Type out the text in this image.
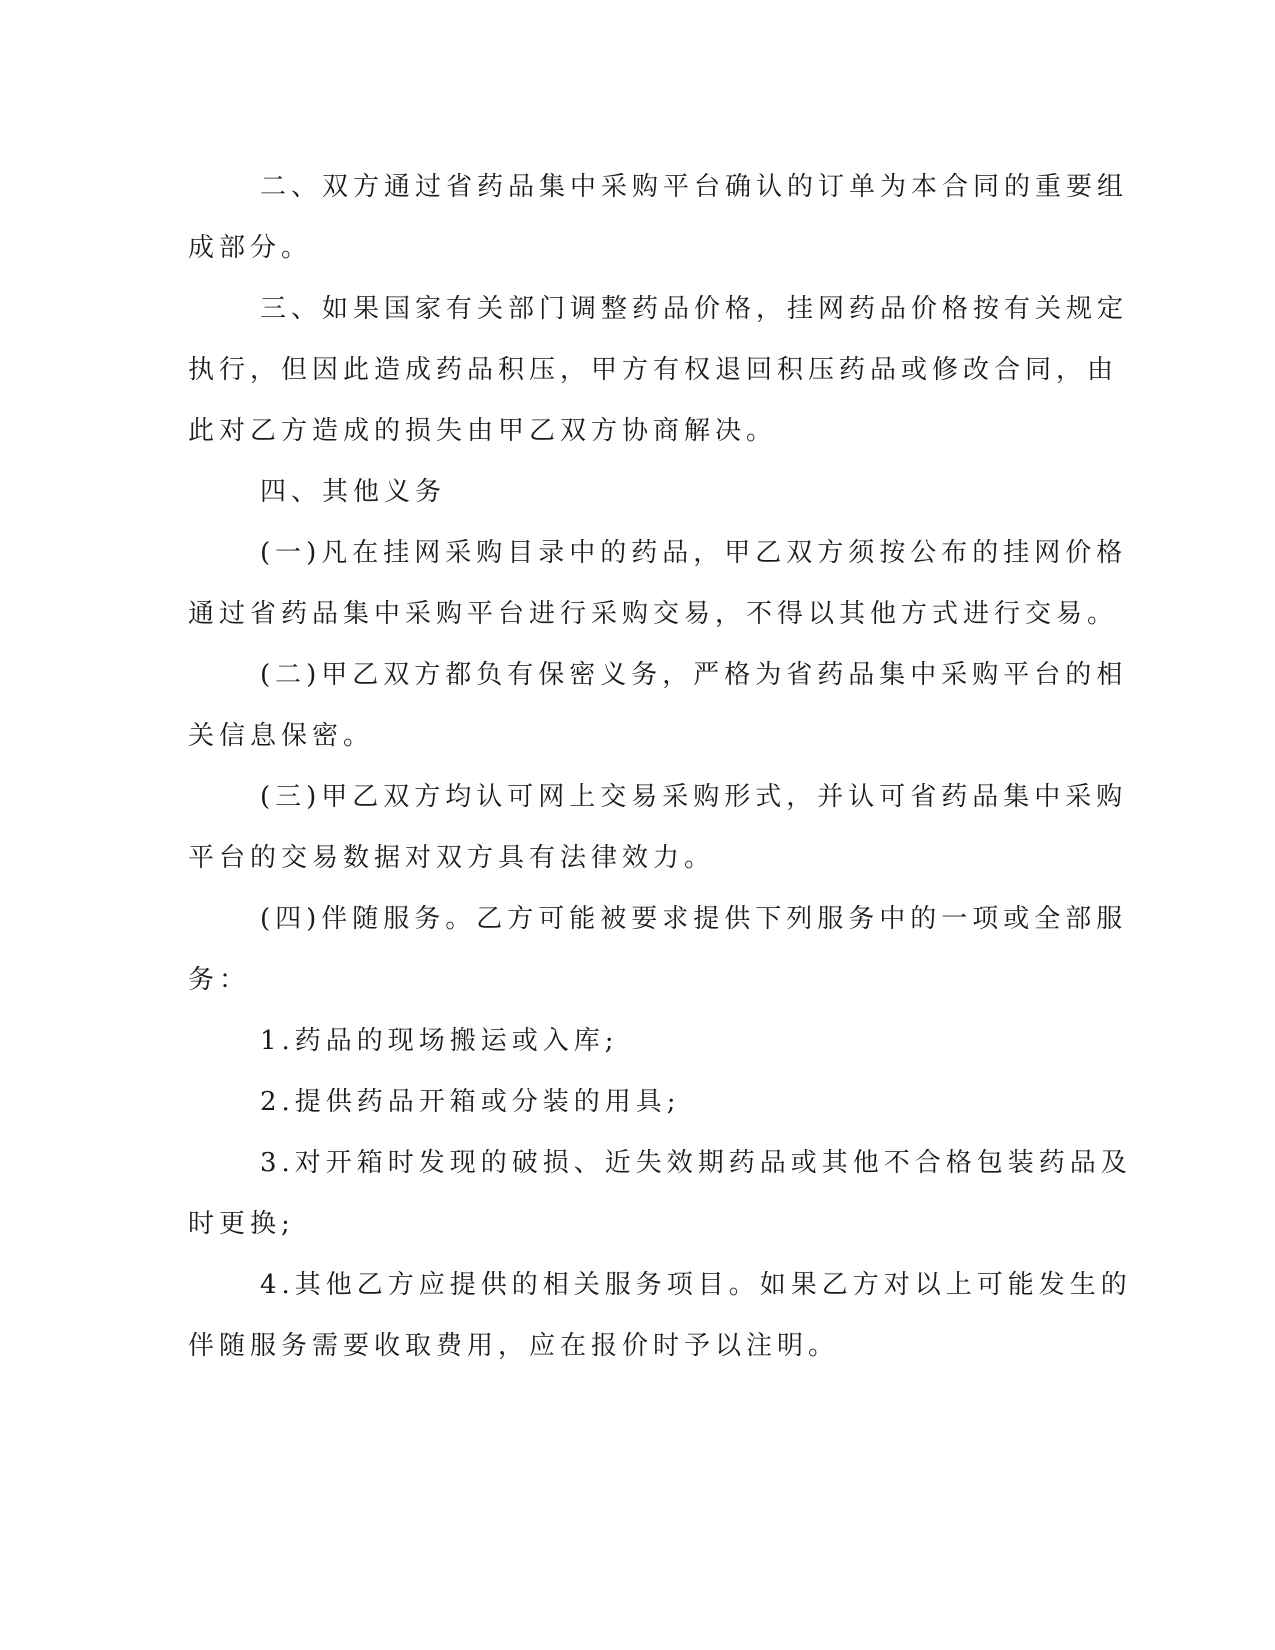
二、双方通过省药品集中采购平台确认的订单为本合同的重要组
成部分。
三、如果国家有关部门调整药品价格，挂网药品价格按有关规定
执行，但因此造成药品积压，甲方有权退回积压药品或修改合同，由
此对乙方造成的损失由甲乙双方协商解决。
四、其他义务
(一)凡在挂网采购目录中的药品，甲乙双方须按公布的挂网价格
通过省药品集中采购平台进行采购交易，不得以其他方式进行交易。
(二)甲乙双方都负有保密义务，严格为省药品集中采购平台的相
关信息保密。
(三)甲乙双方均认可网上交易采购形式，并认可省药品集中采购
平台的交易数据对双方具有法律效力。
(四)伴随服务。乙方可能被要求提供下列服务中的一项或全部服
务：
1.药品的现场搬运或入库;
2.提供药品开箱或分装的用具;
3.对开箱时发现的破损、近失效期药品或其他不合格包装药品及
时更换;
4.其他乙方应提供的相关服务项目。如果乙方对以上可能发生的
伴随服务需要收取费用，应在报价时予以注明。
